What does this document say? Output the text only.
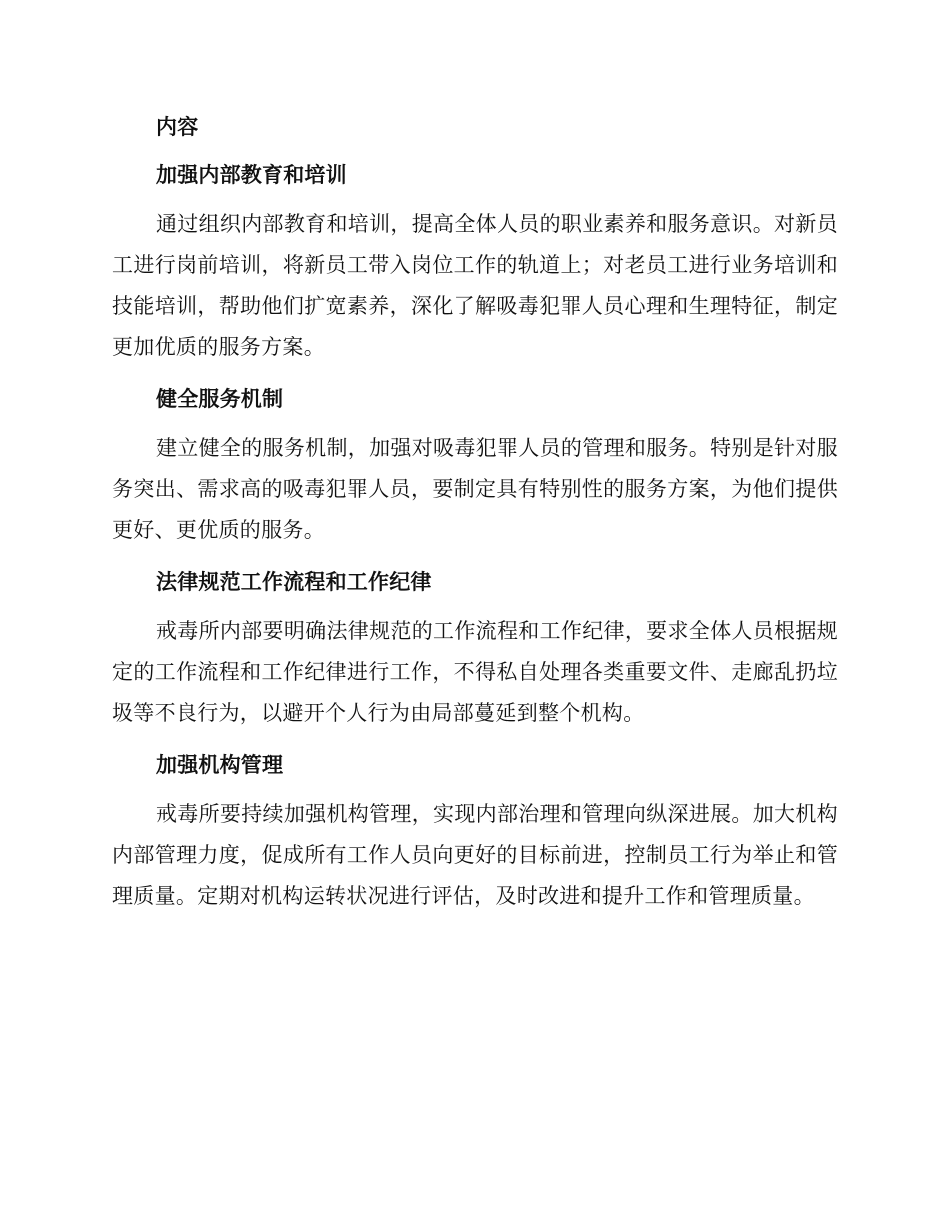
内容
加强内部教育和培训

通过组织内部教育和培训，提高全体人员的职业素养和服务意识。对新员工进行岗前培训，将新员工带入岗位工作的轨道上；对老员工进行业务培训和技能培训，帮助他们扩宽素养，深化了解吸毒犯罪人员心理和生理特征，制定更加优质的服务方案。

健全服务机制

建立健全的服务机制，加强对吸毒犯罪人员的管理和服务。特别是针对服务突出、需求高的吸毒犯罪人员，要制定具有特别性的服务方案，为他们提供更好、更优质的服务。

法律规范工作流程和工作纪律

戒毒所内部要明确法律规范的工作流程和工作纪律，要求全体人员根据规定的工作流程和工作纪律进行工作，不得私自处理各类重要文件、走廊乱扔垃圾等不良行为，以避开个人行为由局部蔓延到整个机构。

加强机构管理

戒毒所要持续加强机构管理，实现内部治理和管理向纵深进展。加大机构内部管理力度，促成所有工作人员向更好的目标前进，控制员工行为举止和管理质量。定期对机构运转状况进行评估，及时改进和提升工作和管理质量。
